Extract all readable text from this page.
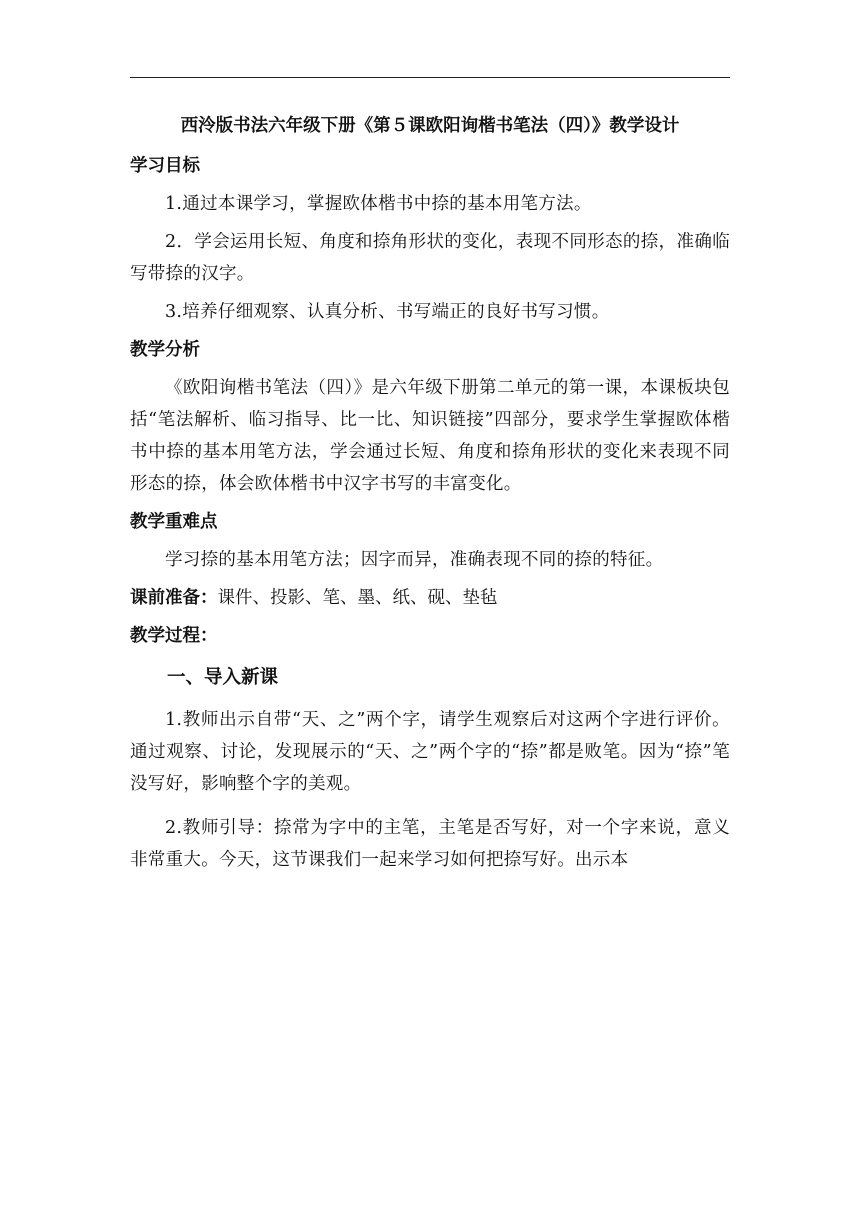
西泠版书法六年级下册《第５课欧阳询楷书笔法（四）》教学设计
学习目标

1.通过本课学习，掌握欧体楷书中捺的基本用笔方法。

2．学会运用长短、角度和捺角形状的变化，表现不同形态的捺，准确临写带捺的汉字。

3.培养仔细观察、认真分析、书写端正的良好书写习惯。

教学分析

《欧阳询楷书笔法（四）》是六年级下册第二单元的第一课，本课板块包括“笔法解析、临习指导、比一比、知识链接”四部分，要求学生掌握欧体楷书中捺的基本用笔方法，学会通过长短、角度和捺角形状的变化来表现不同形态的捺，体会欧体楷书中汉字书写的丰富变化。

教学重难点

学习捺的基本用笔方法；因字而异，准确表现不同的捺的特征。

课前准备：课件、投影、笔、墨、纸、砚、垫毡
教学过程：
一、导入新课

1.教师出示自带“天、之”两个字，请学生观察后对这两个字进行评价。通过观察、讨论，发现展示的“天、之”两个字的“捺”都是败笔。因为“捺”笔没写好，影响整个字的美观。

2.教师引导：捺常为字中的主笔，主笔是否写好，对一个字来说，意义非常重大。今天，这节课我们一起来学习如何把捺写好。出示本
